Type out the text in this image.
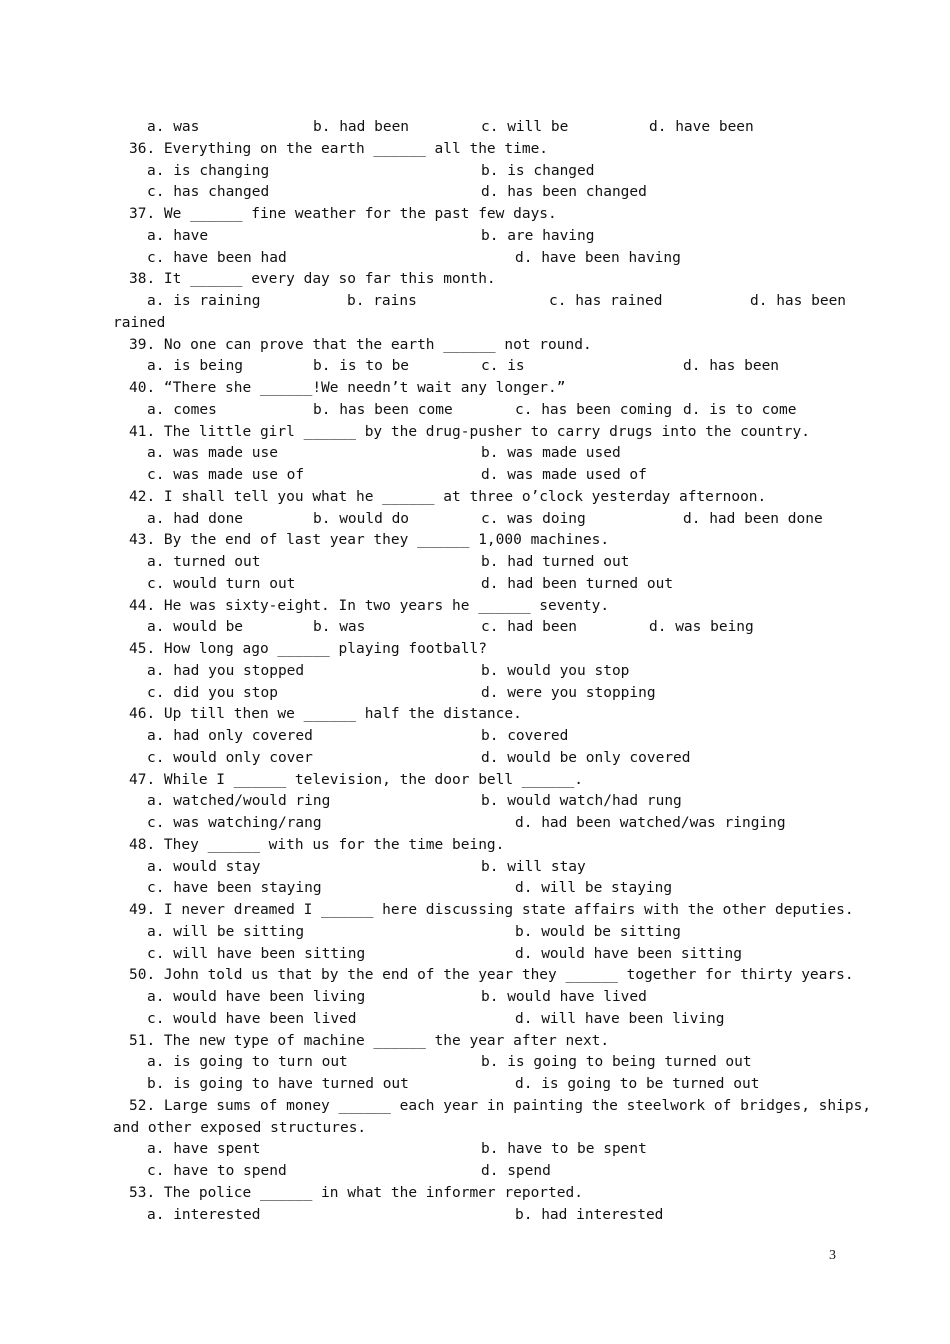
a. was	b. had been	c. will be	d. have been
36. Everything on the earth ______ all the time.
a. is changing	b. is changed
c. has changed	d. has been changed
37. We ______ fine weather for the past few days.
a. have	b. are having
c. have been had	d. have been having
38. It ______ every day so far this month.
a. is raining	b. rains	c. has rained	d. has been
rained
39. No one can prove that the earth ______ not round.
a. is being	b. is to be	c. is	d. has been
40. “There she ______!We needn’t wait any longer.”
a. comes	b. has been come	c. has been coming d. is to come
41. The little girl ______ by the drug-pusher to carry drugs into the country.
a. was made use	b. was made used
c. was made use of	d. was made used of
42. I shall tell you what he ______ at three o’clock yesterday afternoon.
a. had done	b. would do	c. was doing	d. had been done
43. By the end of last year they ______ 1,000 machines.
a. turned out	b. had turned out
c. would turn out	d. had been turned out
44. He was sixty-eight. In two years he ______ seventy.
a. would be	b. was	c. had been	d. was being
45. How long ago ______ playing football?
a. had you stopped	b. would you stop
c. did you stop	d. were you stopping
46. Up till then we ______ half the distance.
a. had only covered	b. covered
c. would only cover	d. would be only covered
47. While I ______ television, the door bell ______.
a. watched/would ring	b. would watch/had rung
c. was watching/rang	d. had been watched/was ringing
48. They ______ with us for the time being.
a. would stay	b. will stay
c. have been staying	d. will be staying
49. I never dreamed I ______ here discussing state affairs with the other deputies.
a. will be sitting	b. would be sitting
c. will have been sitting	d. would have been sitting
50. John told us that by the end of the year they ______ together for thirty years.
a. would have been living	b. would have lived
c. would have been lived	d. will have been living
51. The new type of machine ______ the year after next.
a. is going to turn out	b. is going to being turned out
b. is going to have turned out	d. is going to be turned out
52. Large sums of money ______ each year in painting the steelwork of bridges, ships,
and other exposed structures.
a. have spent	b. have to be spent
c. have to spend	d. spend
53. The police ______ in what the informer reported.
a. interested	b. had interested
3
